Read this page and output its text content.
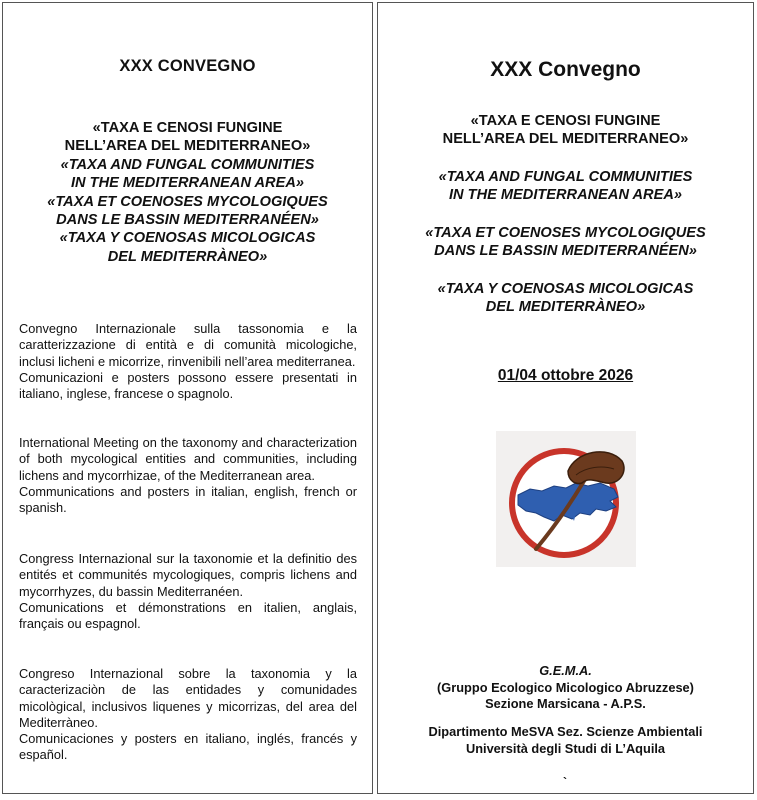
XXX CONVEGNO
«TAXA E CENOSI FUNGINE
NELL’AREA DEL MEDITERRANEO»
«TAXA AND FUNGAL COMMUNITIES
IN THE MEDITERRANEAN AREA»
«TAXA ET COENOSES MYCOLOGIQUES
DANS LE BASSIN MEDITERRANÉEN»
«TAXA Y COENOSAS MICOLOGICAS
DEL MEDITERRÀNEO»

Convegno Internazionale sulla tassonomia e la caratterizzazione di entità e di comunità micologiche, inclusi licheni e micorrize, rinvenibili nell’area mediterranea.

Comunicazioni e posters possono essere presentati in italiano, inglese, francese o spagnolo.

International Meeting on the taxonomy and characterization of both mycological entities and communities, including lichens and mycorrhizae, of the Mediterranean area.

Communications and posters in italian, english, french or spanish.

Congress Internazional sur la taxonomie et la definitio des entités et communités mycologiques, compris lichens and mycorrhyzes, du bassin Mediterranéen.

Comunications et démonstrations en italien, anglais, français ou espagnol.

Congreso Internazional sobre la taxonomia y la caracterizaciòn de las entidades y comunidades micològical, inclusivos liquenes y micorrizas, del area del Mediterràneo.

Comunicaciones y posters en italiano, inglés, francés y español.

XXX Convegno
«TAXA E CENOSI FUNGINE
NELL’AREA DEL MEDITERRANEO»
«TAXA AND FUNGAL COMMUNITIES
IN THE MEDITERRANEAN AREA»
«TAXA ET COENOSES MYCOLOGIQUES
DANS LE BASSIN MEDITERRANÉEN»
«TAXA Y COENOSAS MICOLOGICAS
DEL MEDITERRÀNEO»
01/04 ottobre 2026
G.E.M.A.
(Gruppo Ecologico Micologico Abruzzese)
Sezione Marsicana - A.P.S.
Dipartimento MeSVA Sez. Scienze Ambientali
Università degli Studi di L’Aquila
`
